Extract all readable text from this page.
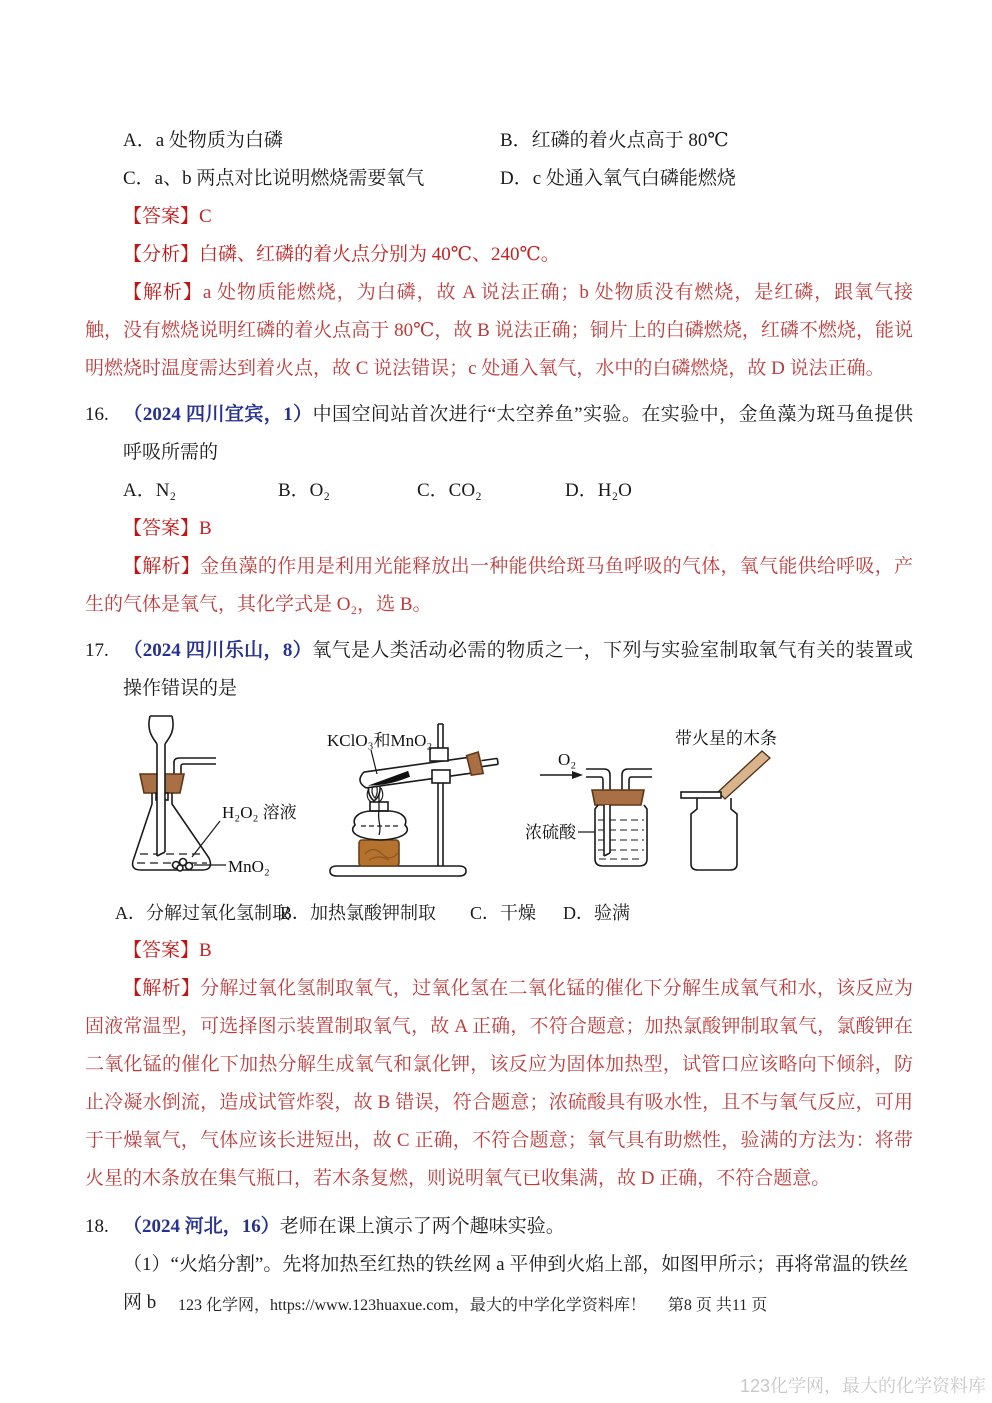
A．a 处物质为白磷	B．红磷的着火点高于 80℃
C．a、b 两点对比说明燃烧需要氧气	D．c 处通入氧气白磷能燃烧

【答案】C

【分析】白磷、红磷的着火点分别为 40℃、240℃。

【解析】a 处物质能燃烧，为白磷，故 A 说法正确；b 处物质没有燃烧，是红磷，跟氧气接触，没有燃烧说明红磷的着火点高于 80℃，故 B 说法正确；铜片上的白磷燃烧，红磷不燃烧，能说明燃烧时温度需达到着火点，故 C 说法错误；c 处通入氧气，水中的白磷燃烧，故 D 说法正确。

16. （2024 四川宜宾，1）中国空间站首次进行“太空养鱼”实验。在实验中，金鱼藻为斑马鱼提供呼吸所需的

A．N₂	B．O₂	C．CO₂	D．H₂O

【答案】B

【解析】金鱼藻的作用是利用光能释放出一种能供给斑马鱼呼吸的气体，氧气能供给呼吸，产生的气体是氧气，其化学式是 O₂，选 B。

17. （2024 四川乐山，8）氧气是人类活动必需的物质之一，下列与实验室制取氧气有关的装置或操作错误的是

H₂O₂ 溶液
MnO₂
KClO₃和MnO₂
O₂
浓硫酸
带火星的木条
A．分解过氧化氢制取
B．加热氯酸钾制取 C．干燥 D．验满

【答案】B

【解析】分解过氧化氢制取氧气，过氧化氢在二氧化锰的催化下分解生成氧气和水，该反应为固液常温型，可选择图示装置制取氧气，故 A 正确，不符合题意；加热氯酸钾制取氧气，氯酸钾在二氧化锰的催化下加热分解生成氧气和氯化钾，该反应为固体加热型，试管口应该略向下倾斜，防止冷凝水倒流，造成试管炸裂，故 B 错误，符合题意；浓硫酸具有吸水性，且不与氧气反应，可用于干燥氧气，气体应该长进短出，故 C 正确，不符合题意；氧气具有助燃性，验满的方法为：将带火星的木条放在集气瓶口，若木条复燃，则说明氧气已收集满，故 D 正确，不符合题意。

18. （2024 河北，16）老师在课上演示了两个趣味实验。

（1）“火焰分割”。先将加热至红热的铁丝网 a 平伸到火焰上部，如图甲所示；再将常温的铁丝网 b	123 化学网，https://www.123huaxue.com，最大的中学化学资料库！ 第8 页 共11 页
123化学网，最大的化学资料库
